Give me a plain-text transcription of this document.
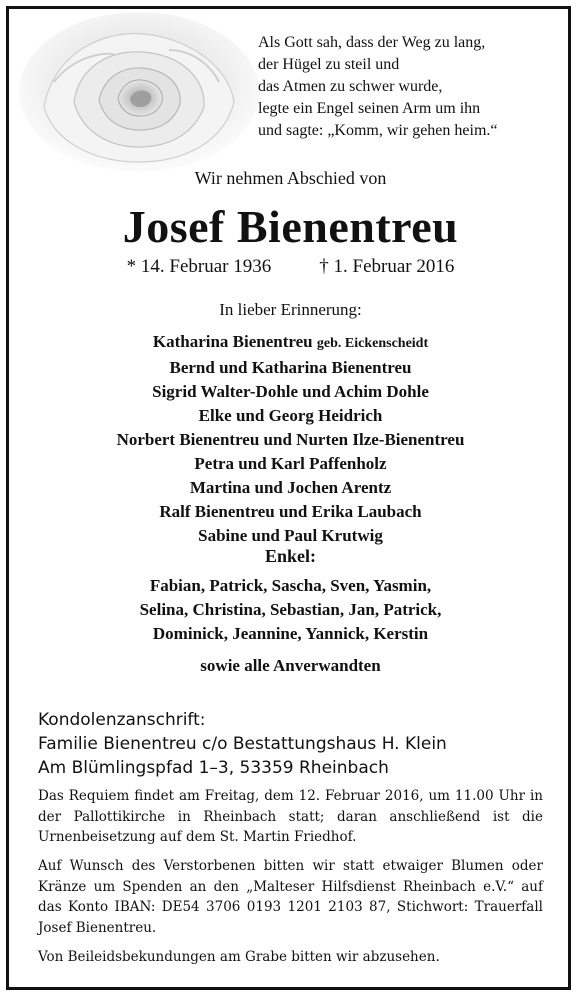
Als Gott sah, dass der Weg zu lang,
der Hügel zu steil und
das Atmen zu schwer wurde,
legte ein Engel seinen Arm um ihn
und sagte: „Komm, wir gehen heim.“
Wir nehmen Abschied von
Josef Bienentreu
* 14. Februar 1936	† 1. Februar 2016
In lieber Erinnerung:
Katharina Bienentreu geb. Eickenscheidt
Bernd und Katharina Bienentreu
Sigrid Walter-Dohle und Achim Dohle
Elke und Georg Heidrich
Norbert Bienentreu und Nurten Ilze-Bienentreu
Petra und Karl Paffenholz
Martina und Jochen Arentz
Ralf Bienentreu und Erika Laubach
Sabine und Paul Krutwig
Enkel:
Fabian, Patrick, Sascha, Sven, Yasmin,
Selina, Christina, Sebastian, Jan, Patrick,
Dominick, Jeannine, Yannick, Kerstin
sowie alle Anverwandten
Kondolenzanschrift:
Familie Bienentreu c/o Bestattungshaus H. Klein
Am Blümlingspfad 1–3, 53359 Rheinbach
Das Requiem findet am Freitag, dem 12. Februar 2016, um 11.00 Uhr in der Pallottikirche in Rheinbach statt; daran anschließend ist die Urnenbeisetzung auf dem St. Martin Friedhof.
Auf Wunsch des Verstorbenen bitten wir statt etwaiger Blumen oder Kränze um Spenden an den „Malteser Hilfsdienst Rheinbach e.V.“ auf das Konto IBAN: DE54 3706 0193 1201 2103 87, Stichwort: Trauerfall Josef Bienentreu.
Von Beileidsbekundungen am Grabe bitten wir abzusehen.
